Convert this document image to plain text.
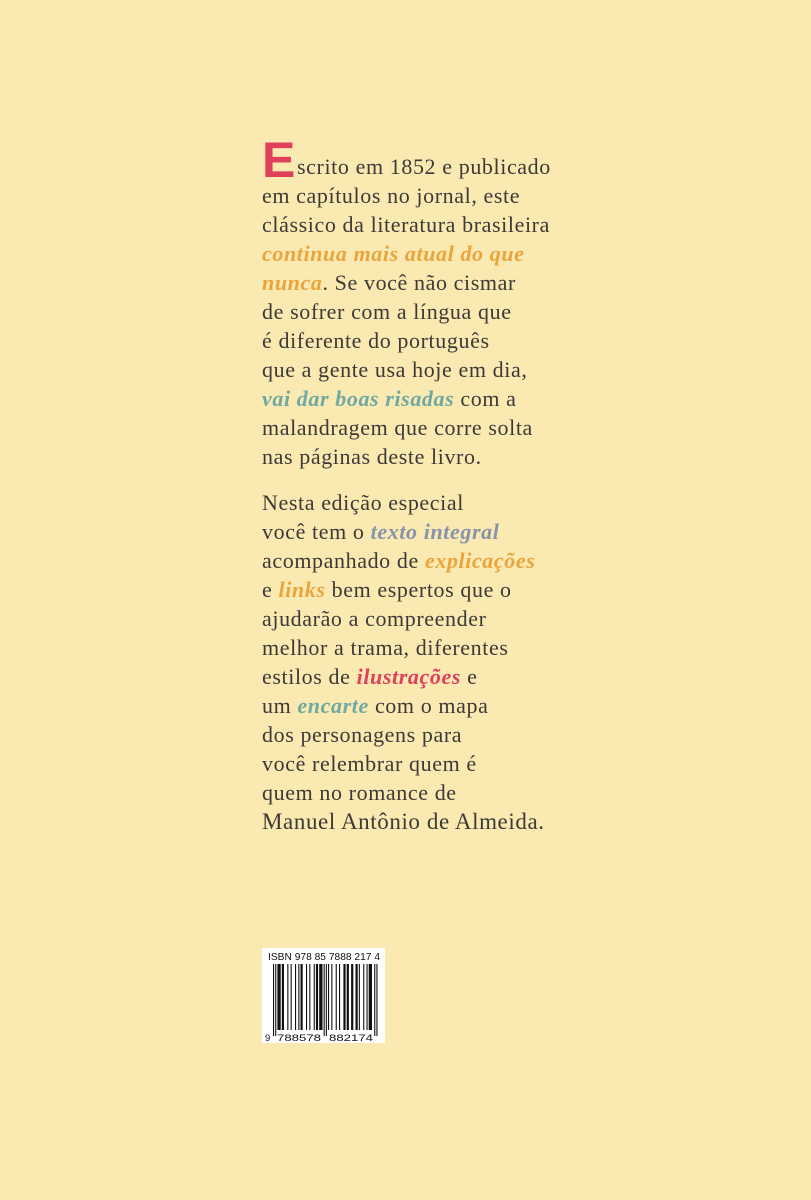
E scrito em 1852 e publicado
em capítulos no jornal, este
clássico da literatura brasileira
continua mais atual do que
nunca. Se você não cismar
de sofrer com a língua que
é diferente do português
que a gente usa hoje em dia,
vai dar boas risadas com a
malandragem que corre solta
nas páginas deste livro.
Nesta edição especial
você tem o texto integral
acompanhado de explicações
e links bem espertos que o
ajudarão a compreender
melhor a trama, diferentes
estilos de ilustrações e
um encarte com o mapa
dos personagens para
você relembrar quem é
quem no romance de
Manuel Antônio de Almeida.
ISBN 978 85 7888 217 4
9 788578 882174
